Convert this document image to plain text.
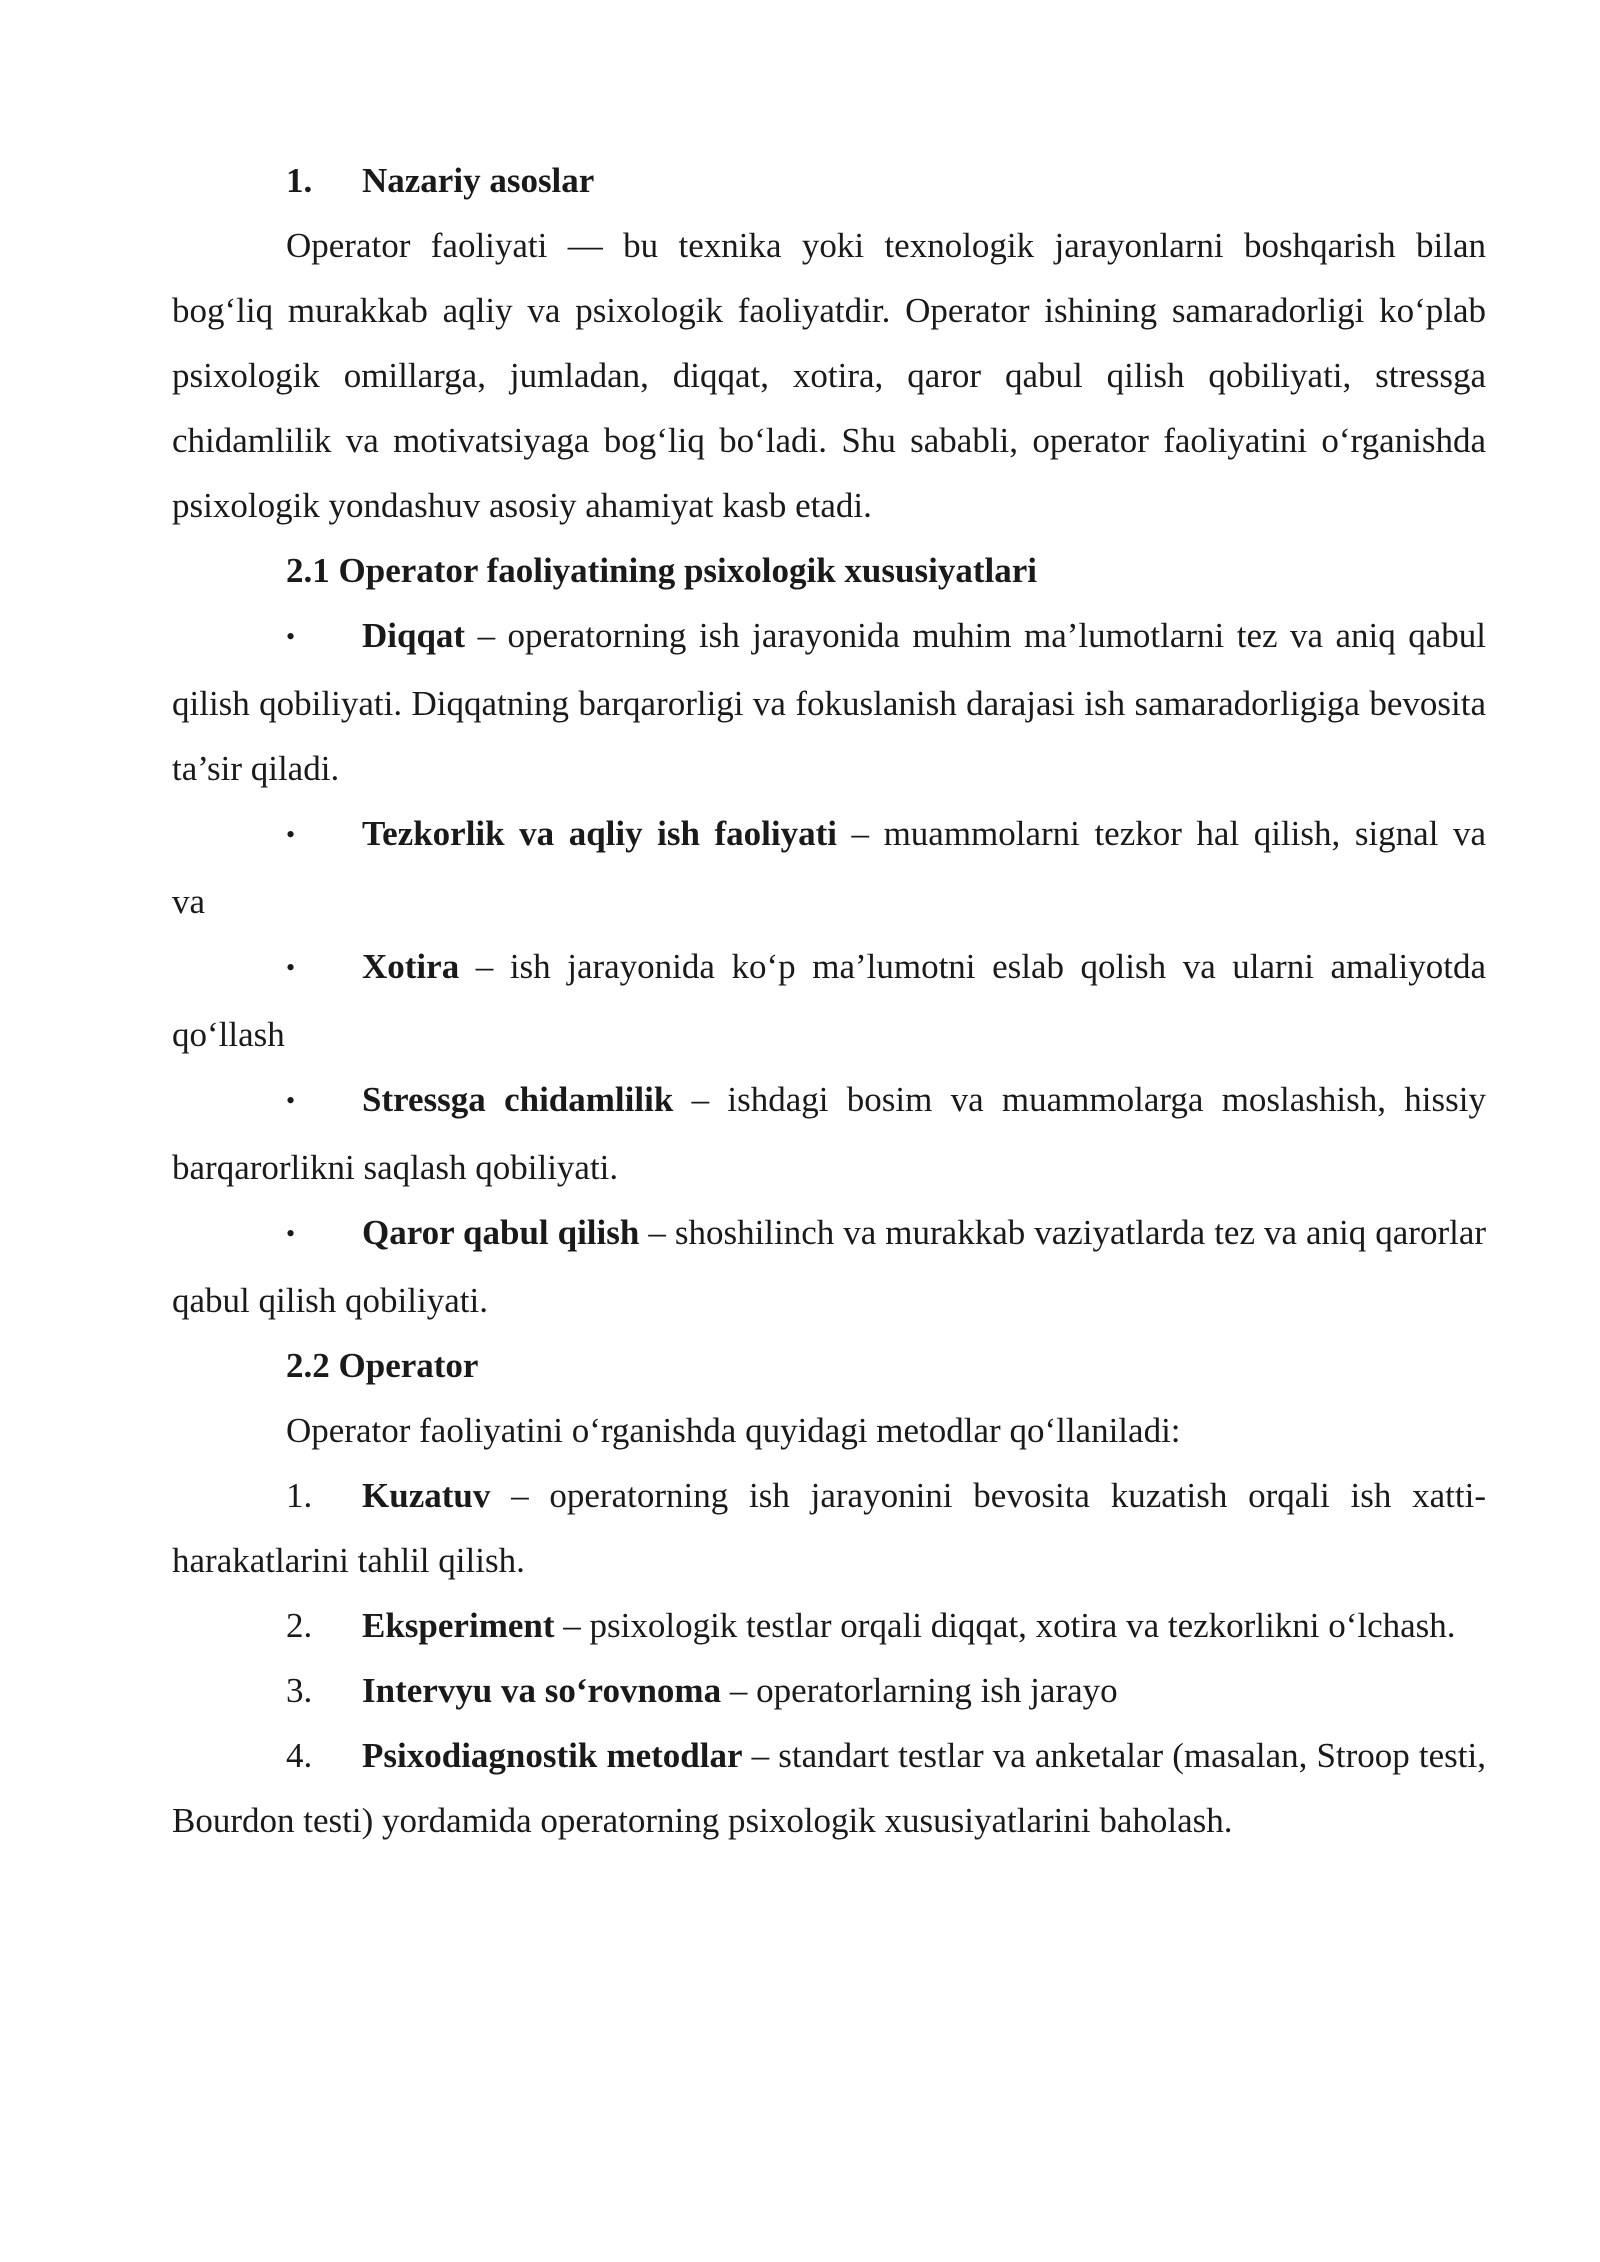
1. Nazariy asoslar

Operator faoliyati — bu texnika yoki texnologik jarayonlarni boshqarish bilan bog‘liq murakkab aqliy va psixologik faoliyatdir. Operator ishining samaradorligi ko‘plab psixologik omillarga, jumladan, diqqat, xotira, qaror qabul qilish qobiliyati, stressga chidamlilik va motivatsiyaga bog‘liq bo‘ladi. Shu sababli, operator faoliyatini o‘rganishda psixologik yondashuv asosiy ahamiyat kasb etadi.

2.1 Operator faoliyatining psixologik xususiyatlari

• Diqqat – operatorning ish jarayonida muhim ma’lumotlarni tez va aniq qabul qilish qobiliyati. Diqqatning barqarorligi va fokuslanish darajasi ish samaradorligiga bevosita ta’sir qiladi.

• Tezkorlik va aqliy ish faoliyati – muammolarni tezkor hal qilish, signal va

va

• Xotira – ish jarayonida ko‘p ma’lumotni eslab qolish va ularni amaliyotda

qo‘llash

• Stressga chidamlilik – ishdagi bosim va muammolarga moslashish, hissiy barqarorlikni saqlash qobiliyati.

• Qaror qabul qilish – shoshilinch va murakkab vaziyatlarda tez va aniq qarorlar qabul qilish qobiliyati.

2.2 Operator

Operator faoliyatini o‘rganishda quyidagi metodlar qo‘llaniladi:

1. Kuzatuv – operatorning ish jarayonini bevosita kuzatish orqali ish xatti-harakatlarini tahlil qilish.

2. Eksperiment – psixologik testlar orqali diqqat, xotira va tezkorlikni o‘lchash.

3. Intervyu va so‘rovnoma – operatorlarning ish jarayo

4. Psixodiagnostik metodlar – standart testlar va anketalar (masalan, Stroop testi, Bourdon testi) yordamida operatorning psixologik xususiyatlarini baholash.
